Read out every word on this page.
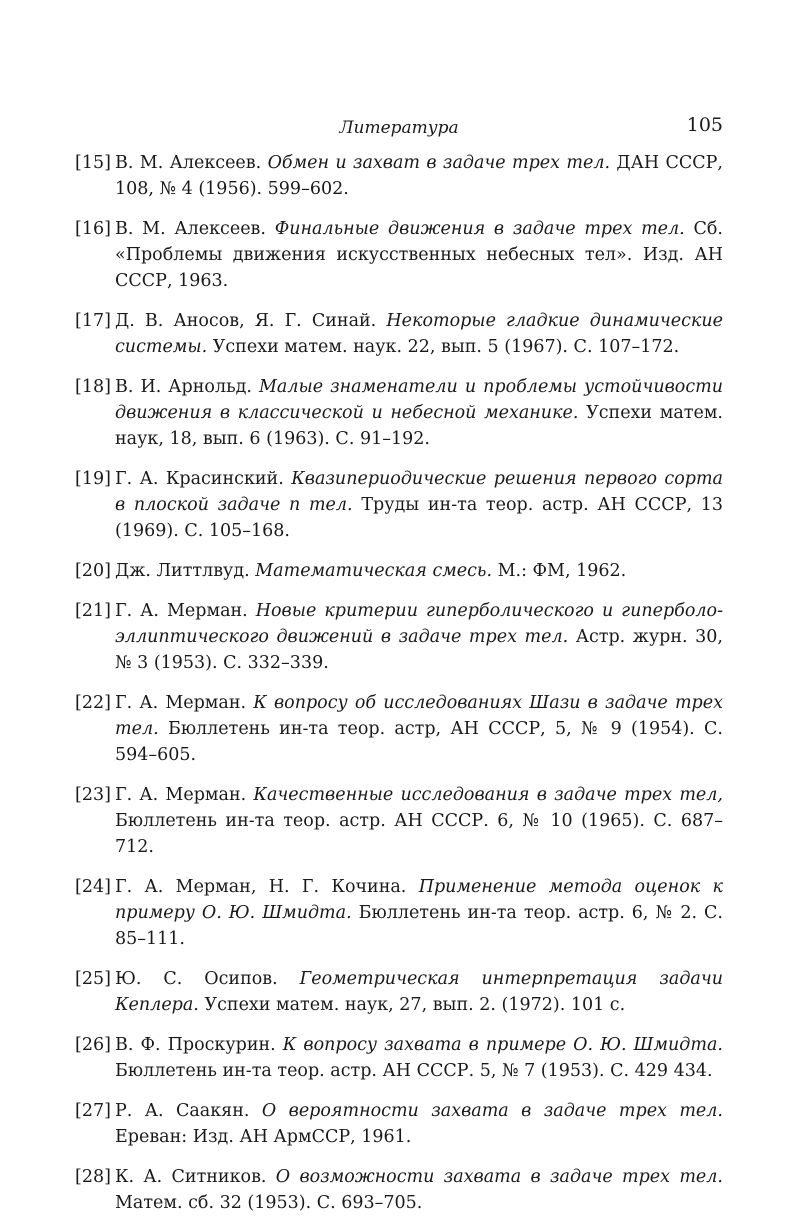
Литература	105
[15] В. М. Алексеев. Обмен и захват в задаче трех тел. ДАН СССР, 108, № 4 (1956). 599–602.
[16] В. М. Алексеев. Финальные движения в задаче трех тел. Сб. «Проблемы движения искусственных небесных тел». Изд. АН СССР, 1963.
[17] Д. В. Аносов, Я. Г. Синай. Некоторые гладкие динамические системы. Успехи матем. наук. 22, вып. 5 (1967). С. 107–172.
[18] В. И. Арнольд. Малые знаменатели и проблемы устойчивости движения в классической и небесной механике. Успехи матем. наук, 18, вып. 6 (1963). С. 91–192.
[19] Г. А. Красинский. Квазипериодические решения первого сорта в плоской задаче n тел. Труды ин-та теор. астр. АН СССР, 13 (1969). С. 105–168.
[20] Дж. Литтлвуд. Математическая смесь. М.: ФМ, 1962.
[21] Г. А. Мерман. Новые критерии гиперболического и гиперболо-эллиптического движений в задаче трех тел. Астр. журн. 30, № 3 (1953). С. 332–339.
[22] Г. А. Мерман. К вопросу об исследованиях Шази в задаче трех тел. Бюллетень ин-та теор. астр, АН СССР, 5, № 9 (1954). С. 594–605.
[23] Г. А. Мерман. Качественные исследования в задаче трех тел, Бюллетень ин-та теор. астр. АН СССР. 6, № 10 (1965). С. 687–712.
[24] Г. А. Мерман, Н. Г. Кочина. Применение метода оценок к примеру О. Ю. Шмидта. Бюллетень ин-та теор. астр. 6, № 2. С. 85–111.
[25] Ю. С. Осипов. Геометрическая интерпретация задачи Кеплера. Успехи матем. наук, 27, вып. 2. (1972). 101 с.
[26] В. Ф. Проскурин. К вопросу захвата в примере О. Ю. Шмидта. Бюллетень ин-та теор. астр. АН СССР. 5, № 7 (1953). С. 429 434.
[27] Р. А. Саакян. О вероятности захвата в задаче трех тел. Ереван: Изд. АН АрмССР, 1961.
[28] К. А. Ситников. О возможности захвата в задаче трех тел. Матем. сб. 32 (1953). С. 693–705.
